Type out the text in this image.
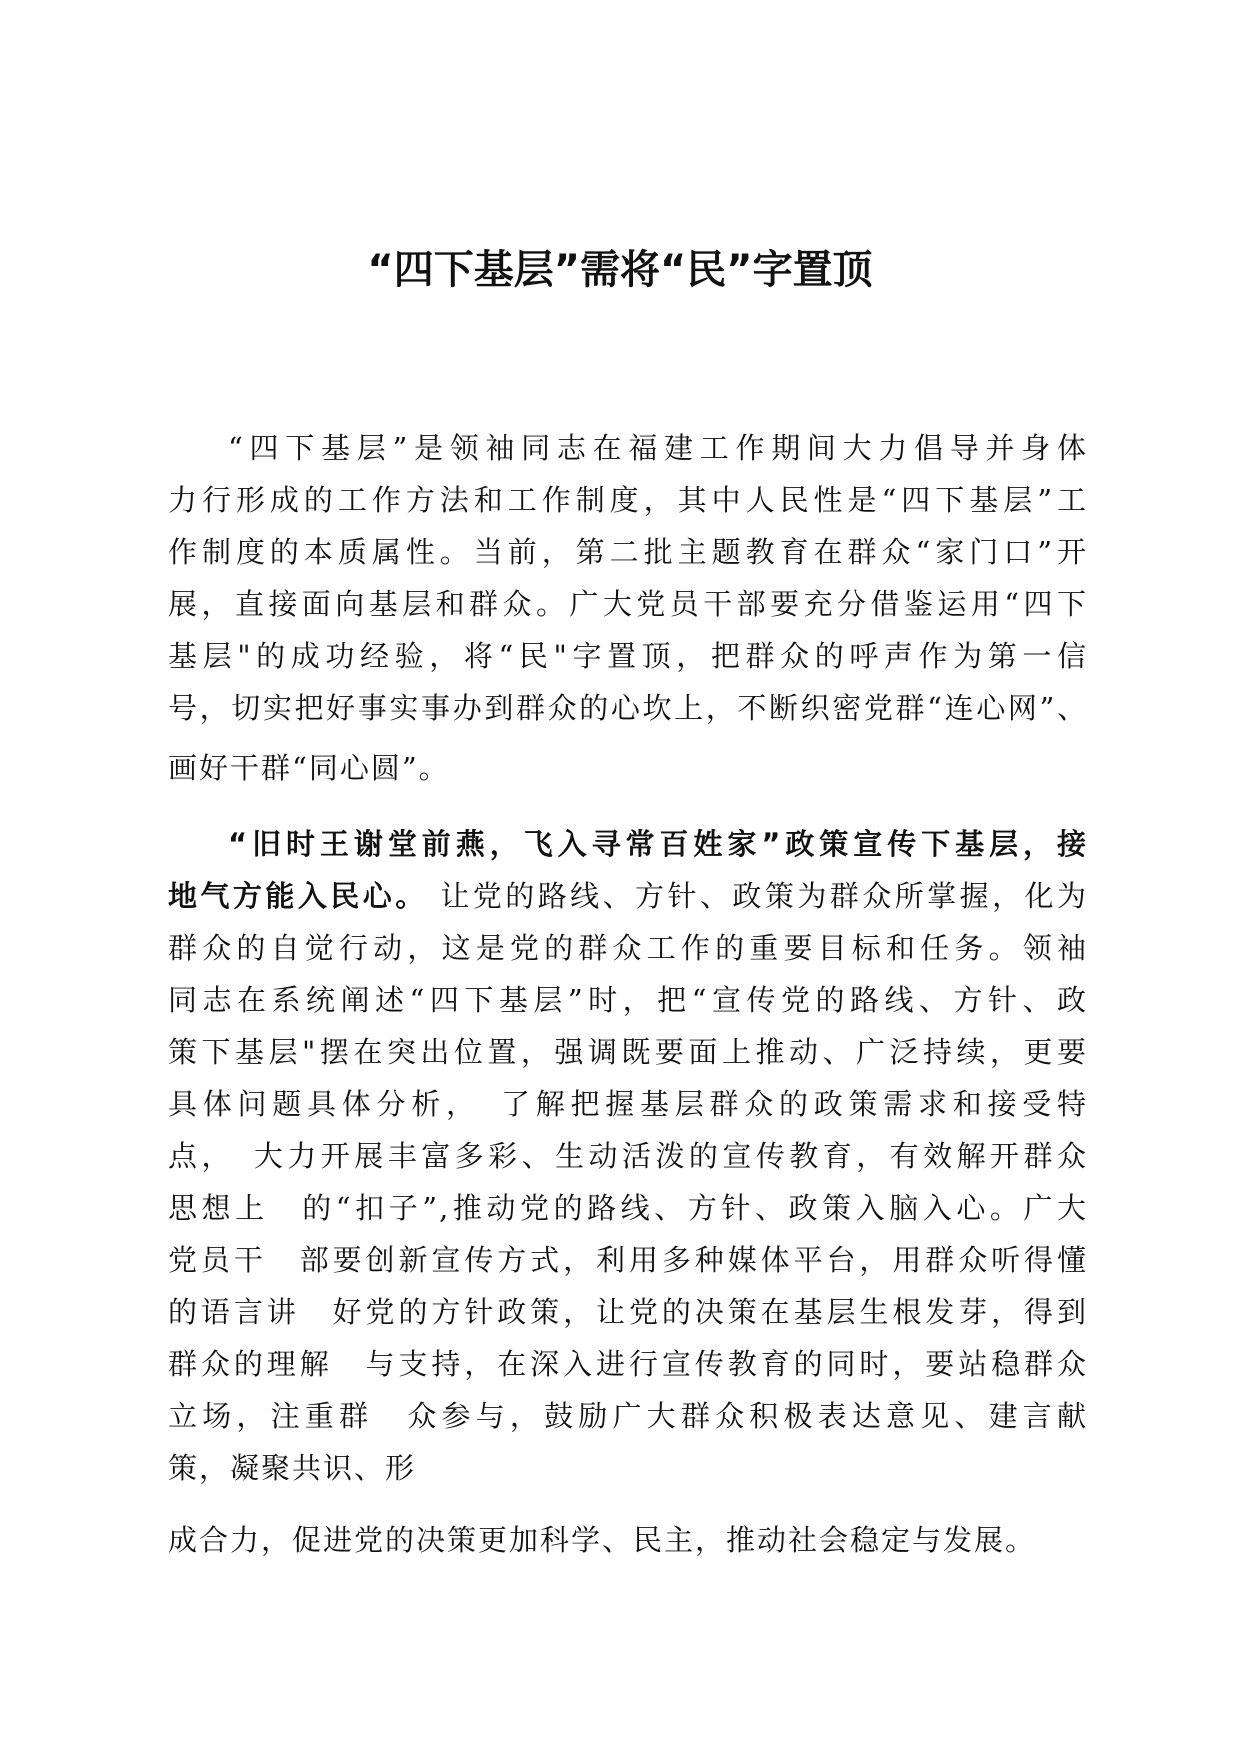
“四下基层”需将“民”字置顶
“四下基层”是领袖同志在福建工作期间大力倡导并身体
力行形成的工作方法和工作制度，其中人民性是“四下基层”工
作制度的本质属性。当前，第二批主题教育在群众“家门口”开
展，直接面向基层和群众。广大党员干部要充分借鉴运用“四下
基层"的成功经验，将“民"字置顶，把群众的呼声作为第一信
号，切实把好事实事办到群众的心坎上，不断织密党群“连心网”、
画好干群“同心圆”。
“旧时王谢堂前燕，飞入寻常百姓家”政策宣传下基层，接
地气方能入民心。 让党的路线、方针、政策为群众所掌握，化为
群众的自觉行动，这是党的群众工作的重要目标和任务。领袖
同志在系统阐述“四下基层”时，把“宣传党的路线、方针、政
策下基层"摆在突出位置，强调既要面上推动、广泛持续，更要
具体问题具体分析，　了解把握基层群众的政策需求和接受特
点，　大力开展丰富多彩、生动活泼的宣传教育，有效解开群众
思想上　的“扣子”,推动党的路线、方针、政策入脑入心。广大
党员干　部要创新宣传方式，利用多种媒体平台，用群众听得懂
的语言讲　好党的方针政策，让党的决策在基层生根发芽，得到
群众的理解　与支持，在深入进行宣传教育的同时，要站稳群众
立场，注重群　众参与，鼓励广大群众积极表达意见、建言献
策，凝聚共识、形
成合力，促进党的决策更加科学、民主，推动社会稳定与发展。
